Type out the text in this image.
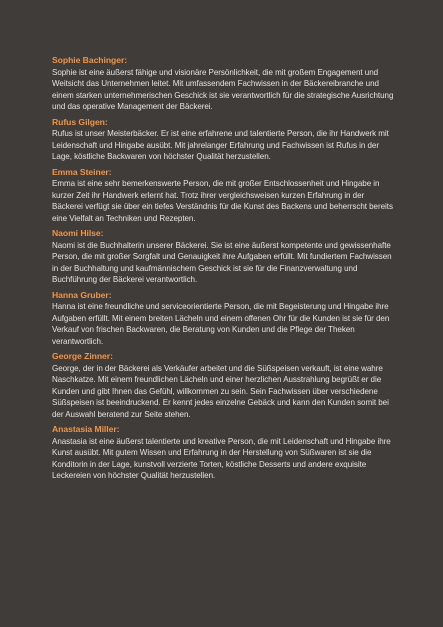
Sophie Bachinger:

Sophie ist eine äußerst fähige und visionäre Persönlichkeit, die mit großem Engagement und Weitsicht das Unternehmen leitet. Mit umfassendem Fachwissen in der Bäckereibranche und einem starken unternehmerischen Geschick ist sie verantwortlich für die strategische Ausrichtung und das operative Management der Bäckerei.

Rufus Gilgen:

Rufus ist unser Meisterbäcker. Er ist eine erfahrene und talentierte Person, die ihr Handwerk mit Leidenschaft und Hingabe ausübt. Mit jahrelanger Erfahrung und Fachwissen ist Rufus in der Lage, köstliche Backwaren von höchster Qualität herzustellen.

Emma Steiner:

Emma ist eine sehr bemerkenswerte Person, die mit großer Entschlossenheit und Hingabe in kurzer Zeit ihr Handwerk erlernt hat. Trotz ihrer vergleichsweisen kurzen Erfahrung in der Bäckerei verfügt sie über ein tiefes Verständnis für die Kunst des Backens und beherrscht bereits eine Vielfalt an Techniken und Rezepten.

Naomi Hilse:

Naomi ist die Buchhalterin unserer Bäckerei. Sie ist eine äußerst kompetente und gewissenhafte Person, die mit großer Sorgfalt und Genauigkeit ihre Aufgaben erfüllt. Mit fundiertem Fachwissen in der Buchhaltung und kaufmännischem Geschick ist sie für die Finanzverwaltung und Buchführung der Bäckerei verantwortlich.

Hanna Gruber:

Hanna ist eine freundliche und serviceorientierte Person, die mit Begeisterung und Hingabe ihre Aufgaben erfüllt. Mit einem breiten Lächeln und einem offenen Ohr für die Kunden ist sie für den Verkauf von frischen Backwaren, die Beratung von Kunden und die Pflege der Theken verantwortlich.

George Zinner:

George, der in der Bäckerei als Verkäufer arbeitet und die Süßspeisen verkauft, ist eine wahre Naschkatze. Mit einem freundlichen Lächeln und einer herzlichen Ausstrahlung begrüßt er die Kunden und gibt Ihnen das Gefühl, willkommen zu sein. Sein Fachwissen über verschiedene Süßspeisen ist beeindruckend. Er kennt jedes einzelne Gebäck und kann den Kunden somit bei der Auswahl beratend zur Seite stehen.

Anastasia Miller:

Anastasia ist eine äußerst talentierte und kreative Person, die mit Leidenschaft und Hingabe ihre Kunst ausübt. Mit gutem Wissen und Erfahrung in der Herstellung von Süßwaren ist sie die Konditorin in der Lage, kunstvoll verzierte Torten, köstliche Desserts und andere exquisite Leckereien von höchster Qualität herzustellen.
